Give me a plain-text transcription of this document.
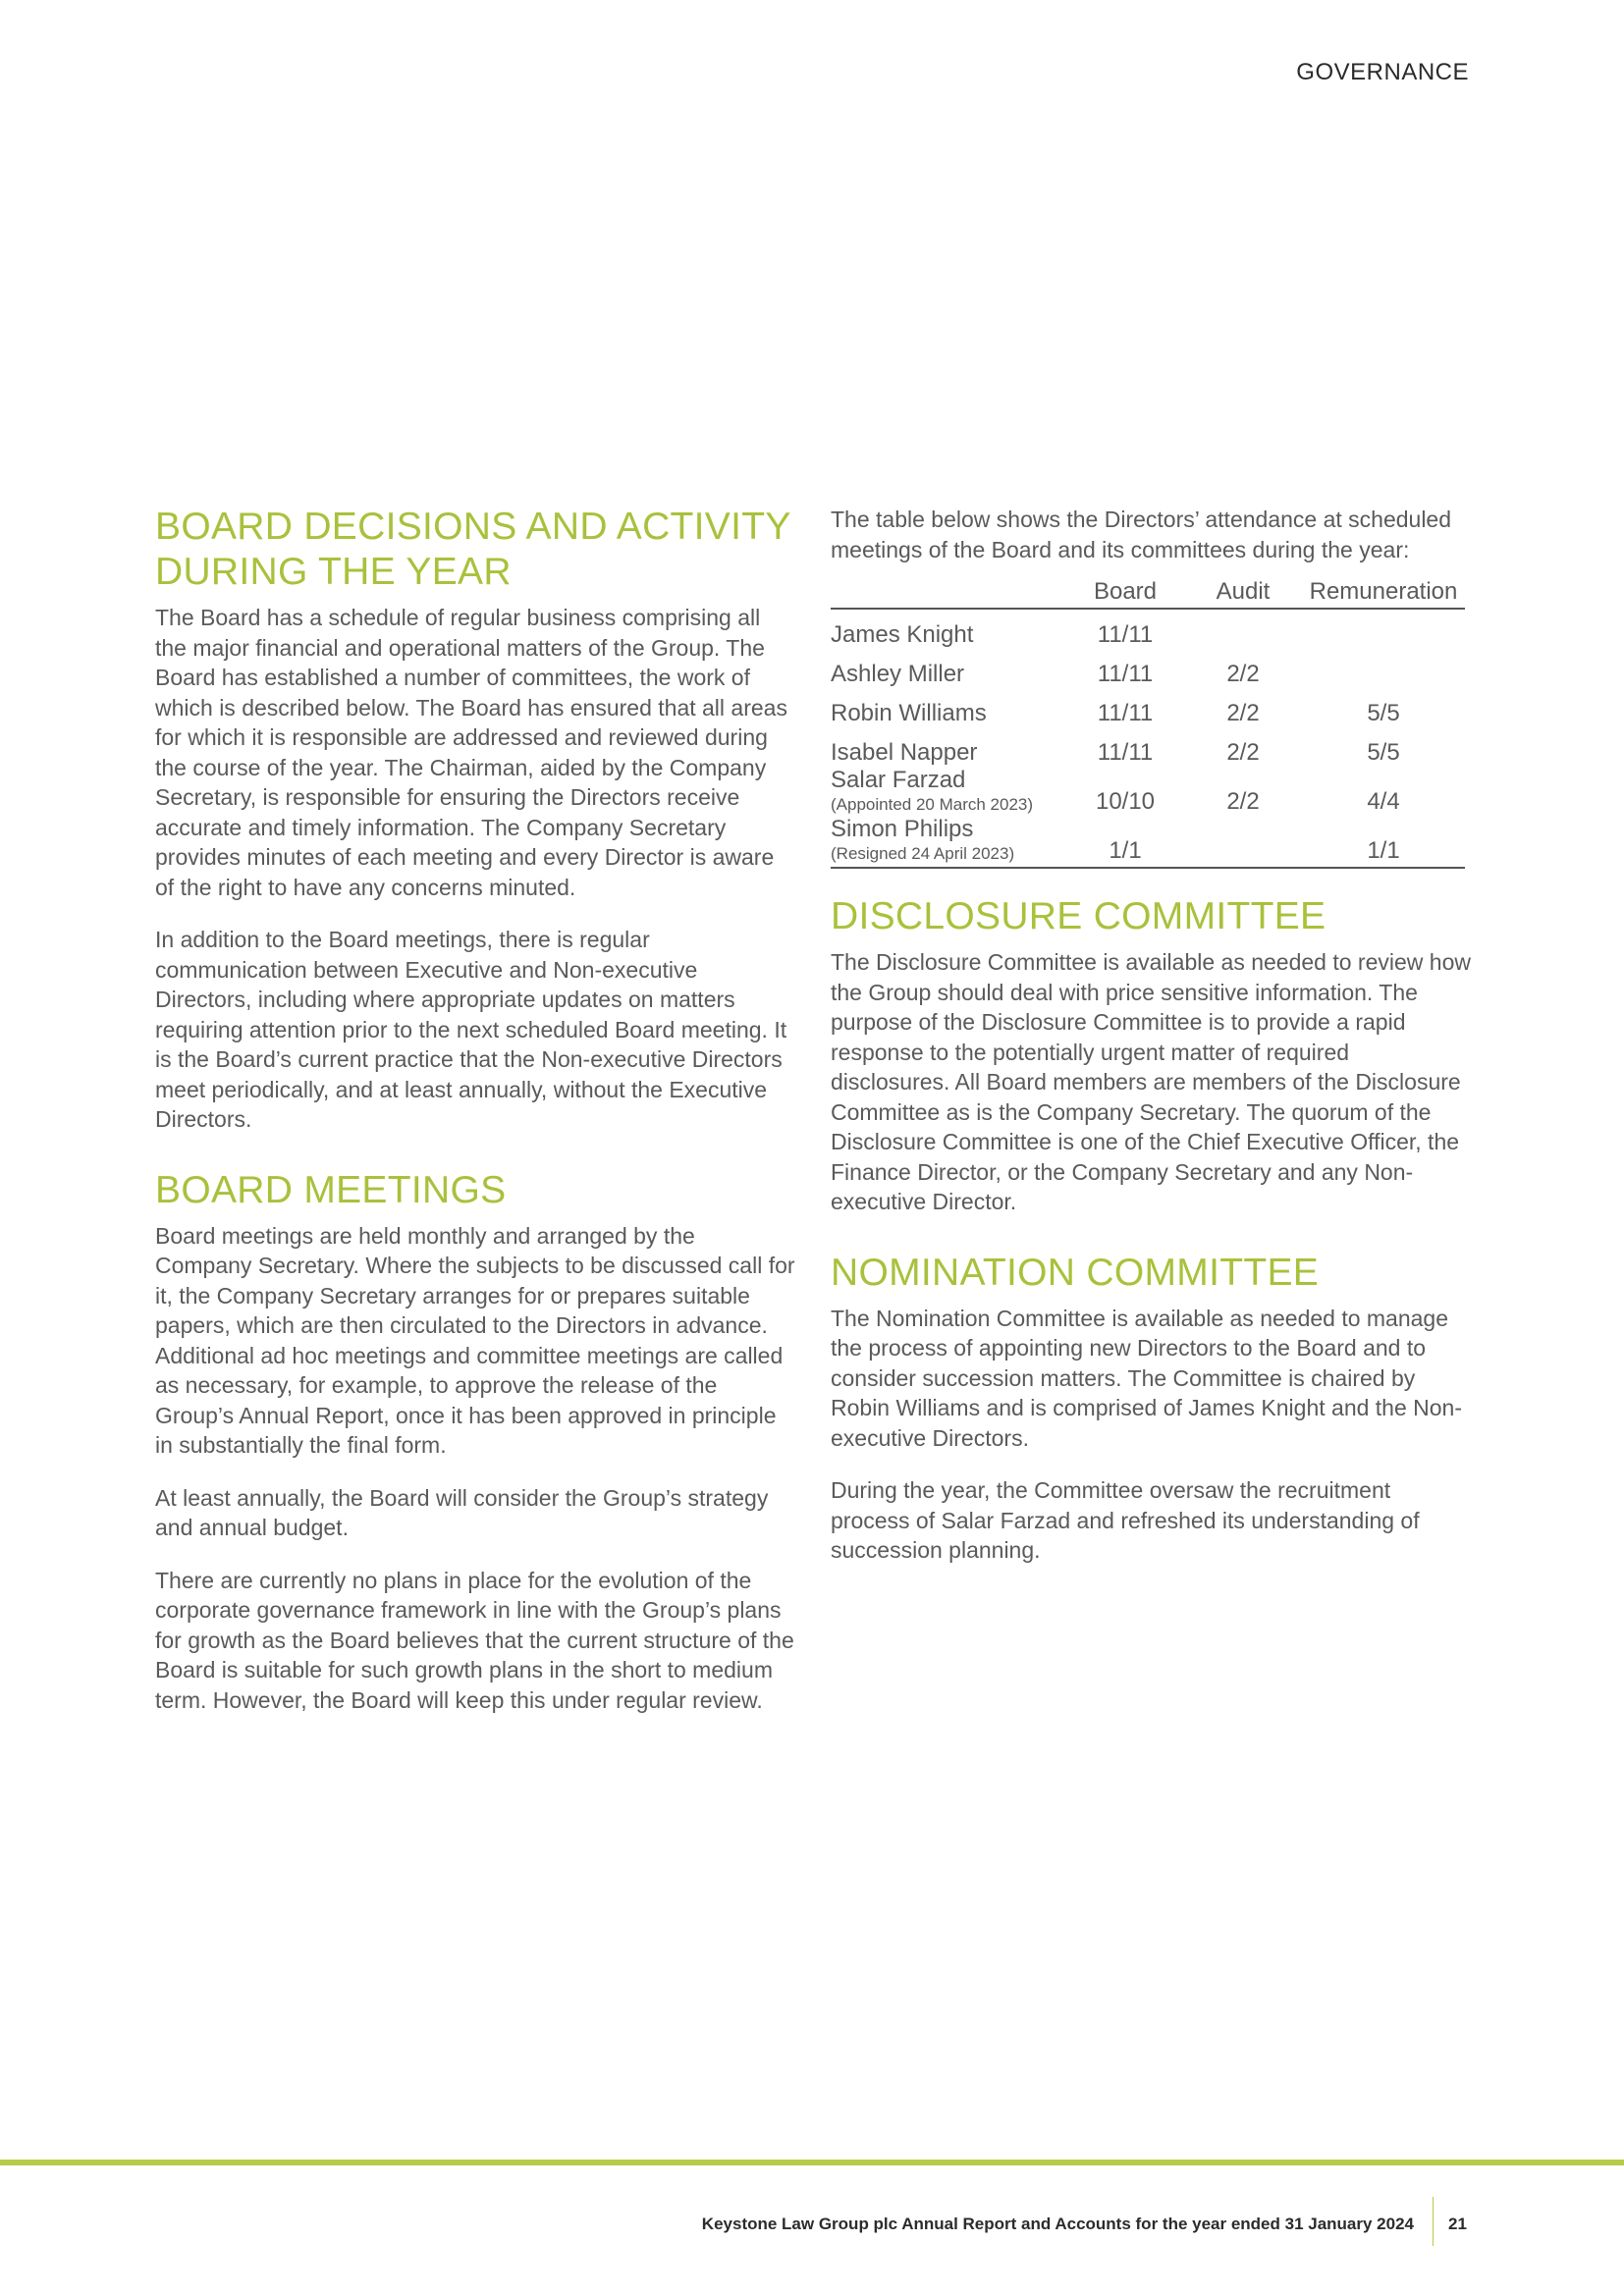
GOVERNANCE
BOARD DECISIONS AND ACTIVITY DURING THE YEAR

The Board has a schedule of regular business comprising all the major financial and operational matters of the Group. The Board has established a number of committees, the work of which is described below. The Board has ensured that all areas for which it is responsible are addressed and reviewed during the course of the year. The Chairman, aided by the Company Secretary, is responsible for ensuring the Directors receive accurate and timely information. The Company Secretary provides minutes of each meeting and every Director is aware of the right to have any concerns minuted.

In addition to the Board meetings, there is regular communication between Executive and Non-executive Directors, including where appropriate updates on matters requiring attention prior to the next scheduled Board meeting. It is the Board’s current practice that the Non-executive Directors meet periodically, and at least annually, without the Executive Directors.

BOARD MEETINGS

Board meetings are held monthly and arranged by the Company Secretary. Where the subjects to be discussed call for it, the Company Secretary arranges for or prepares suitable papers, which are then circulated to the Directors in advance. Additional ad hoc meetings and committee meetings are called as necessary, for example, to approve the release of the Group’s Annual Report, once it has been approved in principle in substantially the final form.

At least annually, the Board will consider the Group’s strategy and annual budget.

There are currently no plans in place for the evolution of the corporate governance framework in line with the Group’s plans for growth as the Board believes that the current structure of the Board is suitable for such growth plans in the short to medium term. However, the Board will keep this under regular review.

The table below shows the Directors’ attendance at scheduled meetings of the Board and its committees during the year:

	Board	Audit	Remuneration
James Knight	11/11		
Ashley Miller	11/11	2/2	
Robin Williams	11/11	2/2	5/5
Isabel Napper	11/11	2/2	5/5
Salar Farzad
(Appointed 20 March 2023)	10/10	2/2	4/4
Simon Philips
(Resigned 24 April 2023)	1/1		1/1
DISCLOSURE COMMITTEE

The Disclosure Committee is available as needed to review how the Group should deal with price sensitive information. The purpose of the Disclosure Committee is to provide a rapid response to the potentially urgent matter of required disclosures. All Board members are members of the Disclosure Committee as is the Company Secretary. The quorum of the Disclosure Committee is one of the Chief Executive Officer, the Finance Director, or the Company Secretary and any Non-executive Director.

NOMINATION COMMITTEE

The Nomination Committee is available as needed to manage the process of appointing new Directors to the Board and to consider succession matters. The Committee is chaired by Robin Williams and is comprised of James Knight and the Non-executive Directors.

During the year, the Committee oversaw the recruitment process of Salar Farzad and refreshed its understanding of succession planning.

Keystone Law Group plc Annual Report and Accounts for the year ended 31 January 2024 21
